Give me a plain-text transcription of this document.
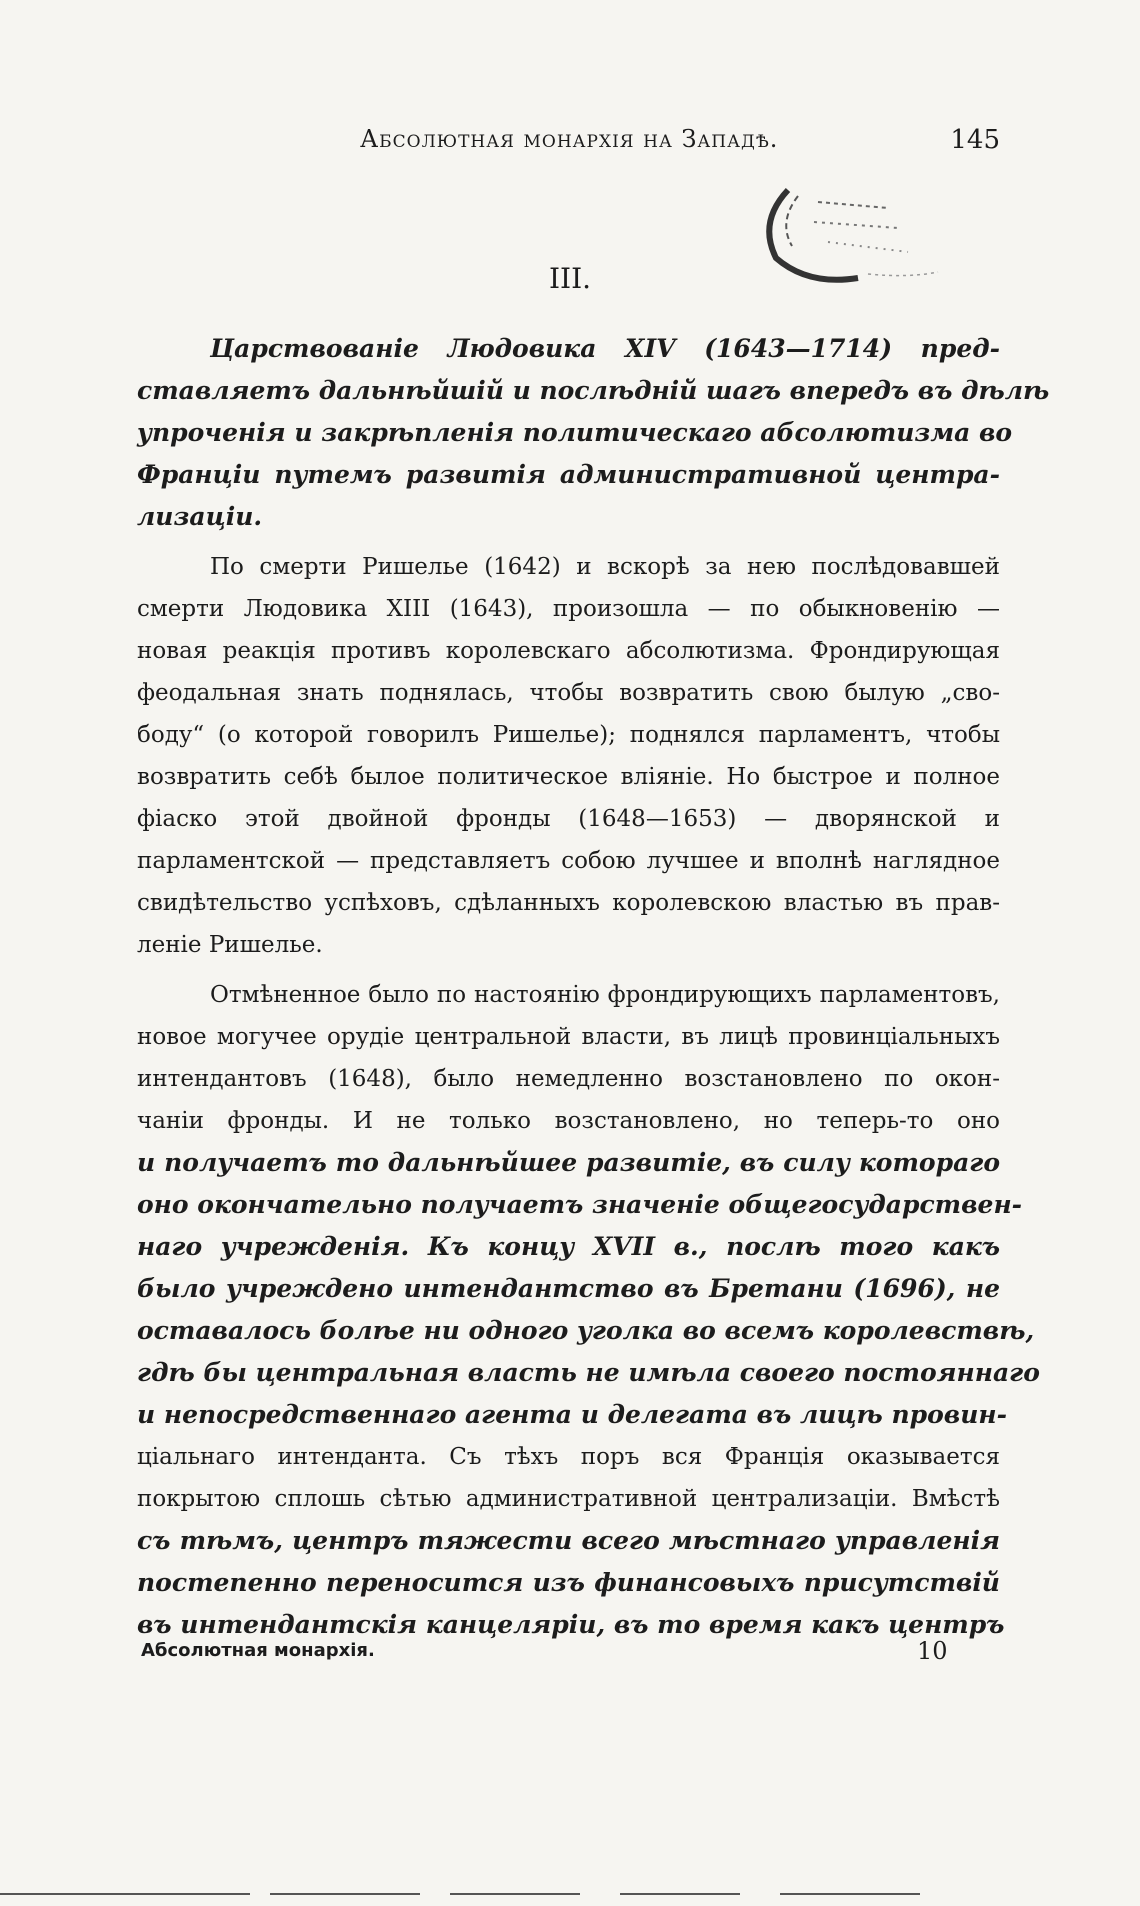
Абсолютная монархія на Западѣ.	145
III.
Царствованіе Людовика XIV (1643—1714) пред-
ставляетъ дальнѣйшій и послѣдній шагъ впередъ въ дѣлѣ
упроченія и закрѣпленія политическаго абсолютизма во
Франціи путемъ развитія административной центра-
лизаціи.
По смерти Ришелье (1642) и вскорѣ за нею послѣдовавшей
смерти Людовика XIII (1643), произошла — по обыкновенію —
новая реакція противъ королевскаго абсолютизма. Фрондирующая
феодальная знать поднялась, чтобы возвратить свою былую „сво-
боду“ (о которой говорилъ Ришелье); поднялся парламентъ, чтобы
возвратить себѣ былое политическое вліяніе. Но быстрое и полное
фіаско этой двойной фронды (1648—1653) — дворянской и
парламентской — представляетъ собою лучшее и вполнѣ наглядное
свидѣтельство успѣховъ, сдѣланныхъ королевскою властью въ прав-
леніе Ришелье.
Отмѣненное было по настоянію фрондирующихъ парламентовъ,
новое могучее орудіе центральной власти, въ лицѣ провинціальныхъ
интендантовъ (1648), было немедленно возстановлено по окон-
чаніи фронды. И не только возстановлено, но теперь-то оно
и получаетъ то дальнѣйшее развитіе, въ силу котораго
оно окончательно получаетъ значеніе общегосударствен-
наго учрежденія. Къ концу XVII в., послѣ того какъ
было учреждено интендантство въ Бретани (1696), не
оставалось болѣе ни одного уголка во всемъ королевствѣ,
гдѣ бы центральная власть не имѣла своего постояннаго
и непосредственнаго агента и делегата въ лицѣ провин-
ціальнаго интенданта. Съ тѣхъ поръ вся Франція оказывается
покрытою сплошь сѣтью административной централизаціи. Вмѣстѣ
съ тѣмъ, центръ тяжести всего мѣстнаго управленія
постепенно переносится изъ финансовыхъ присутствій
въ интендантскія канцеляріи, въ то время какъ центръ
Абсолютная монархія.	10
